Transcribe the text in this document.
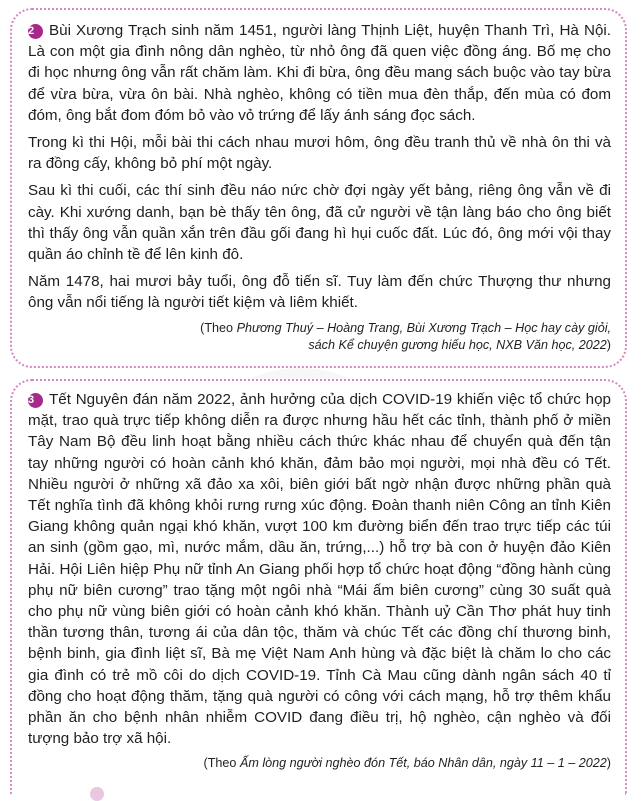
2 Bùi Xương Trạch sinh năm 1451, người làng Thịnh Liệt, huyện Thanh Trì, Hà Nội. Là con một gia đình nông dân nghèo, từ nhỏ ông đã quen việc đồng áng. Bố mẹ cho đi học nhưng ông vẫn rất chăm làm. Khi đi bừa, ông đều mang sách buộc vào tay bừa để vừa bừa, vừa ôn bài. Nhà nghèo, không có tiền mua đèn thắp, đến mùa có đom đóm, ông bắt đom đóm bỏ vào vỏ trứng để lấy ánh sáng đọc sách.

Trong kì thi Hội, mỗi bài thi cách nhau mươi hôm, ông đều tranh thủ về nhà ôn thi và ra đồng cấy, không bỏ phí một ngày.

Sau kì thi cuối, các thí sinh đều náo nức chờ đợi ngày yết bảng, riêng ông vẫn về đi cày. Khi xướng danh, bạn bè thấy tên ông, đã cử người về tận làng báo cho ông biết thì thấy ông vẫn quần xắn trên đầu gối đang hì hụi cuốc đất. Lúc đó, ông mới vội thay quần áo chỉnh tề để lên kinh đô.

Năm 1478, hai mươi bảy tuổi, ông đỗ tiến sĩ. Tuy làm đến chức Thượng thư nhưng ông vẫn nổi tiếng là người tiết kiệm và liêm khiết.

(Theo Phương Thuý – Hoàng Trang, Bùi Xương Trạch – Học hay cày giỏi,
sách Kể chuyện gương hiếu học, NXB Văn học, 2022)

3 Tết Nguyên đán năm 2022, ảnh hưởng của dịch COVID-19 khiến việc tổ chức họp mặt, trao quà trực tiếp không diễn ra được nhưng hầu hết các tỉnh, thành phố ở miền Tây Nam Bộ đều linh hoạt bằng nhiều cách thức khác nhau để chuyển quà đến tận tay những người có hoàn cảnh khó khăn, đảm bảo mọi người, mọi nhà đều có Tết. Nhiều người ở những xã đảo xa xôi, biên giới bất ngờ nhận được những phần quà Tết nghĩa tình đã không khỏi rưng rưng xúc động. Đoàn thanh niên Công an tỉnh Kiên Giang không quản ngại khó khăn, vượt 100 km đường biển đến trao trực tiếp các túi an sinh (gồm gạo, mì, nước mắm, dầu ăn, trứng,...) hỗ trợ bà con ở huyện đảo Kiên Hải. Hội Liên hiệp Phụ nữ tỉnh An Giang phối hợp tổ chức hoạt động “đồng hành cùng phụ nữ biên cương” trao tặng một ngôi nhà “Mái ấm biên cương” cùng 30 suất quà cho phụ nữ vùng biên giới có hoàn cảnh khó khăn. Thành uỷ Cần Thơ phát huy tinh thần tương thân, tương ái của dân tộc, thăm và chúc Tết các đồng chí thương binh, bệnh binh, gia đình liệt sĩ, Bà mẹ Việt Nam Anh hùng và đặc biệt là chăm lo cho các gia đình có trẻ mồ côi do dịch COVID-19. Tỉnh Cà Mau cũng dành ngân sách 40 tỉ đồng cho hoạt động thăm, tặng quà người có công với cách mạng, hỗ trợ thêm khẩu phần ăn cho bệnh nhân nhiễm COVID đang điều trị, hộ nghèo, cận nghèo và đối tượng bảo trợ xã hội.

(Theo Ấm lòng người nghèo đón Tết, báo Nhân dân, ngày 11 – 1 – 2022)
